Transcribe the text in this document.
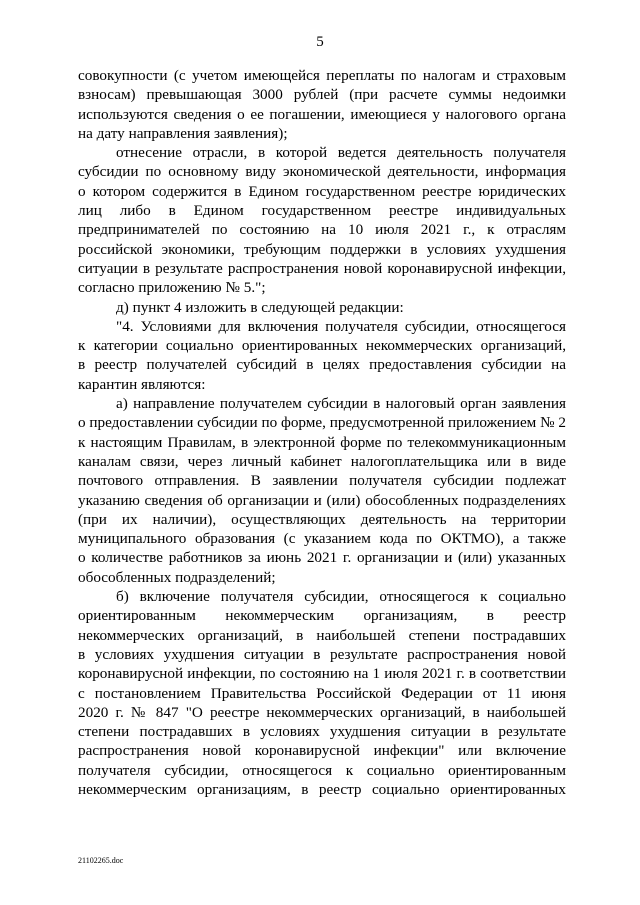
5
совокупности (с учетом имеющейся переплаты по налогам и страховым
взносам) превышающая 3000 рублей (при расчете суммы недоимки
используются сведения о ее погашении, имеющиеся у налогового органа
на дату направления заявления);
отнесение отрасли, в которой ведется деятельность получателя
субсидии по основному виду экономической деятельности, информация
о котором содержится в Едином государственном реестре юридических
лиц либо в Едином государственном реестре индивидуальных
предпринимателей по состоянию на 10 июля 2021 г., к отраслям
российской экономики, требующим поддержки в условиях ухудшения
ситуации в результате распространения новой коронавирусной инфекции,
согласно приложению № 5.";
д) пункт 4 изложить в следующей редакции:
"4. Условиями для включения получателя субсидии, относящегося
к категории социально ориентированных некоммерческих организаций,
в реестр получателей субсидий в целях предоставления субсидии на
карантин являются:
а) направление получателем субсидии в налоговый орган заявления
о предоставлении субсидии по форме, предусмотренной приложением № 2
к настоящим Правилам, в электронной форме по телекоммуникационным
каналам связи, через личный кабинет налогоплательщика или в виде
почтового отправления. В заявлении получателя субсидии подлежат
указанию сведения об организации и (или) обособленных подразделениях
(при их наличии), осуществляющих деятельность на территории
муниципального образования (с указанием кода по ОКТМО), а также
о количестве работников за июнь 2021 г. организации и (или) указанных
обособленных подразделений;
б) включение получателя субсидии, относящегося к социально
ориентированным некоммерческим организациям, в реестр
некоммерческих организаций, в наибольшей степени пострадавших
в условиях ухудшения ситуации в результате распространения новой
коронавирусной инфекции, по состоянию на 1 июля 2021 г. в соответствии
с постановлением Правительства Российской Федерации от 11 июня
2020 г. № 847 "О реестре некоммерческих организаций, в наибольшей
степени пострадавших в условиях ухудшения ситуации в результате
распространения новой коронавирусной инфекции" или включение
получателя субсидии, относящегося к социально ориентированным
некоммерческим организациям, в реестр социально ориентированных
21102265.doc
